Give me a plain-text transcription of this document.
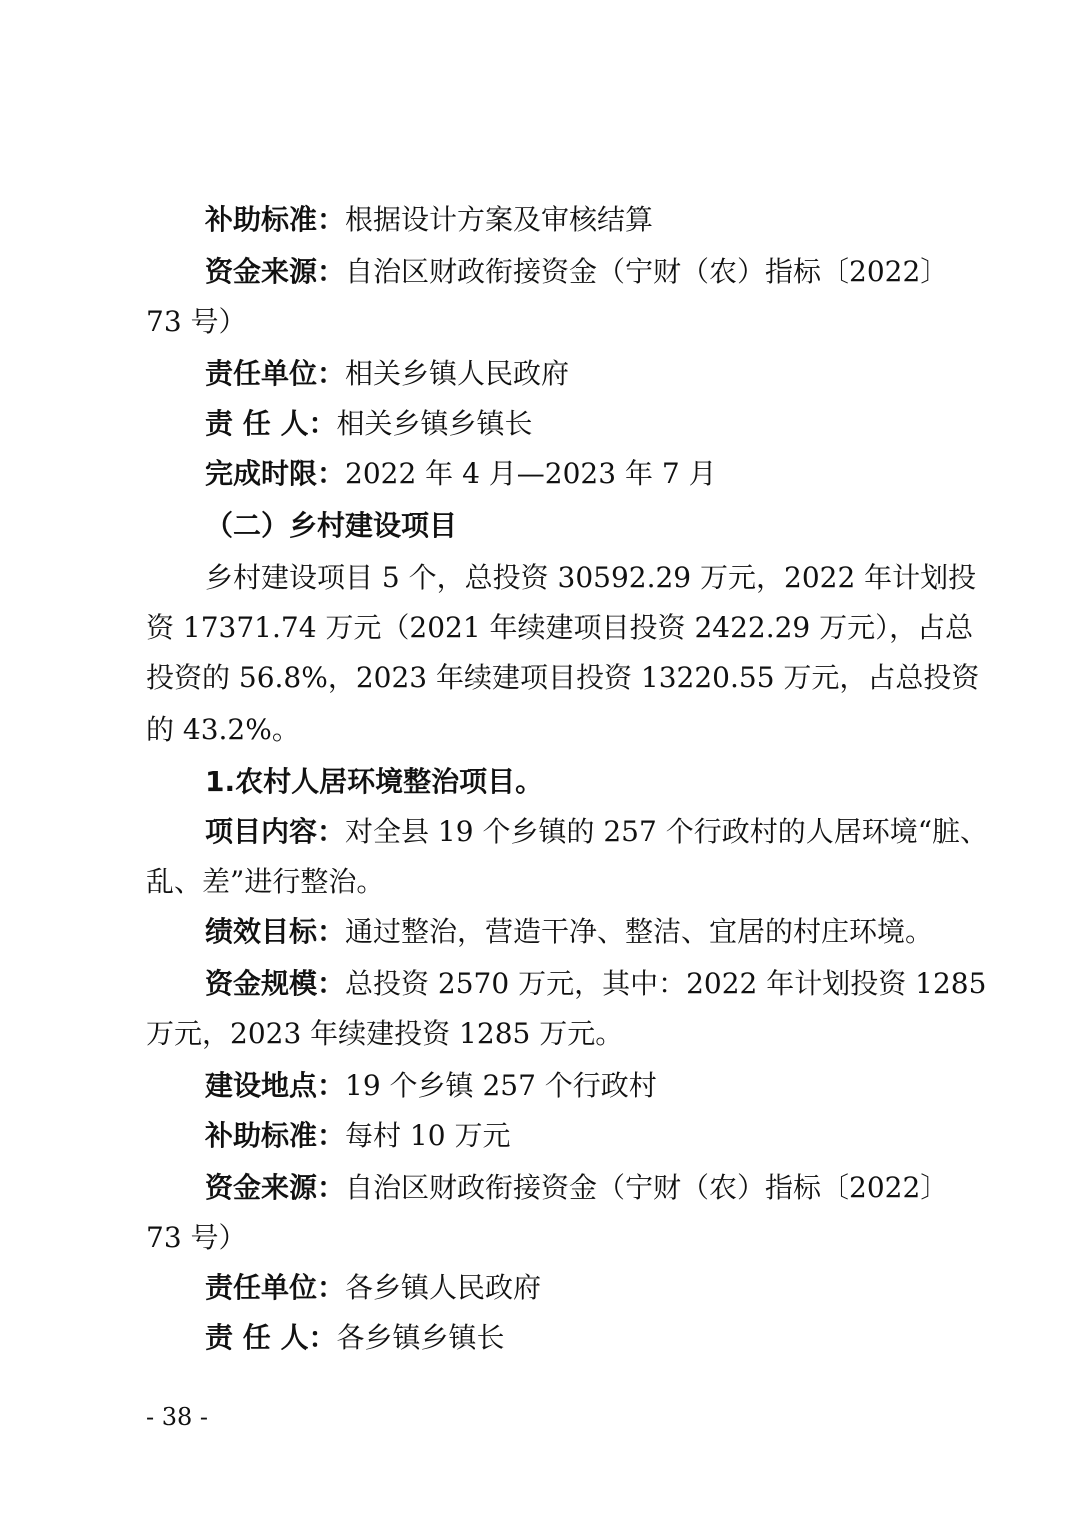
补助标准：根据设计方案及审核结算
资金来源：自治区财政衔接资金（宁财（农）指标〔2022〕
73 号）
责任单位：相关乡镇人民政府
责 任 人：相关乡镇乡镇长
完成时限：2022 年 4 月—2023 年 7 月
（二）乡村建设项目
乡村建设项目 5 个，总投资 30592.29 万元，2022 年计划投
资 17371.74 万元（2021 年续建项目投资 2422.29 万元），占总
投资的 56.8%，2023 年续建项目投资 13220.55 万元，占总投资
的 43.2%。
1.农村人居环境整治项目。
项目内容：对全县 19 个乡镇的 257 个行政村的人居环境“脏、
乱、差”进行整治。
绩效目标：通过整治，营造干净、整洁、宜居的村庄环境。
资金规模：总投资 2570 万元，其中：2022 年计划投资 1285
万元，2023 年续建投资 1285 万元。
建设地点：19 个乡镇 257 个行政村
补助标准：每村 10 万元
资金来源：自治区财政衔接资金（宁财（农）指标〔2022〕
73 号）
责任单位：各乡镇人民政府
责 任 人：各乡镇乡镇长
- 38 -
